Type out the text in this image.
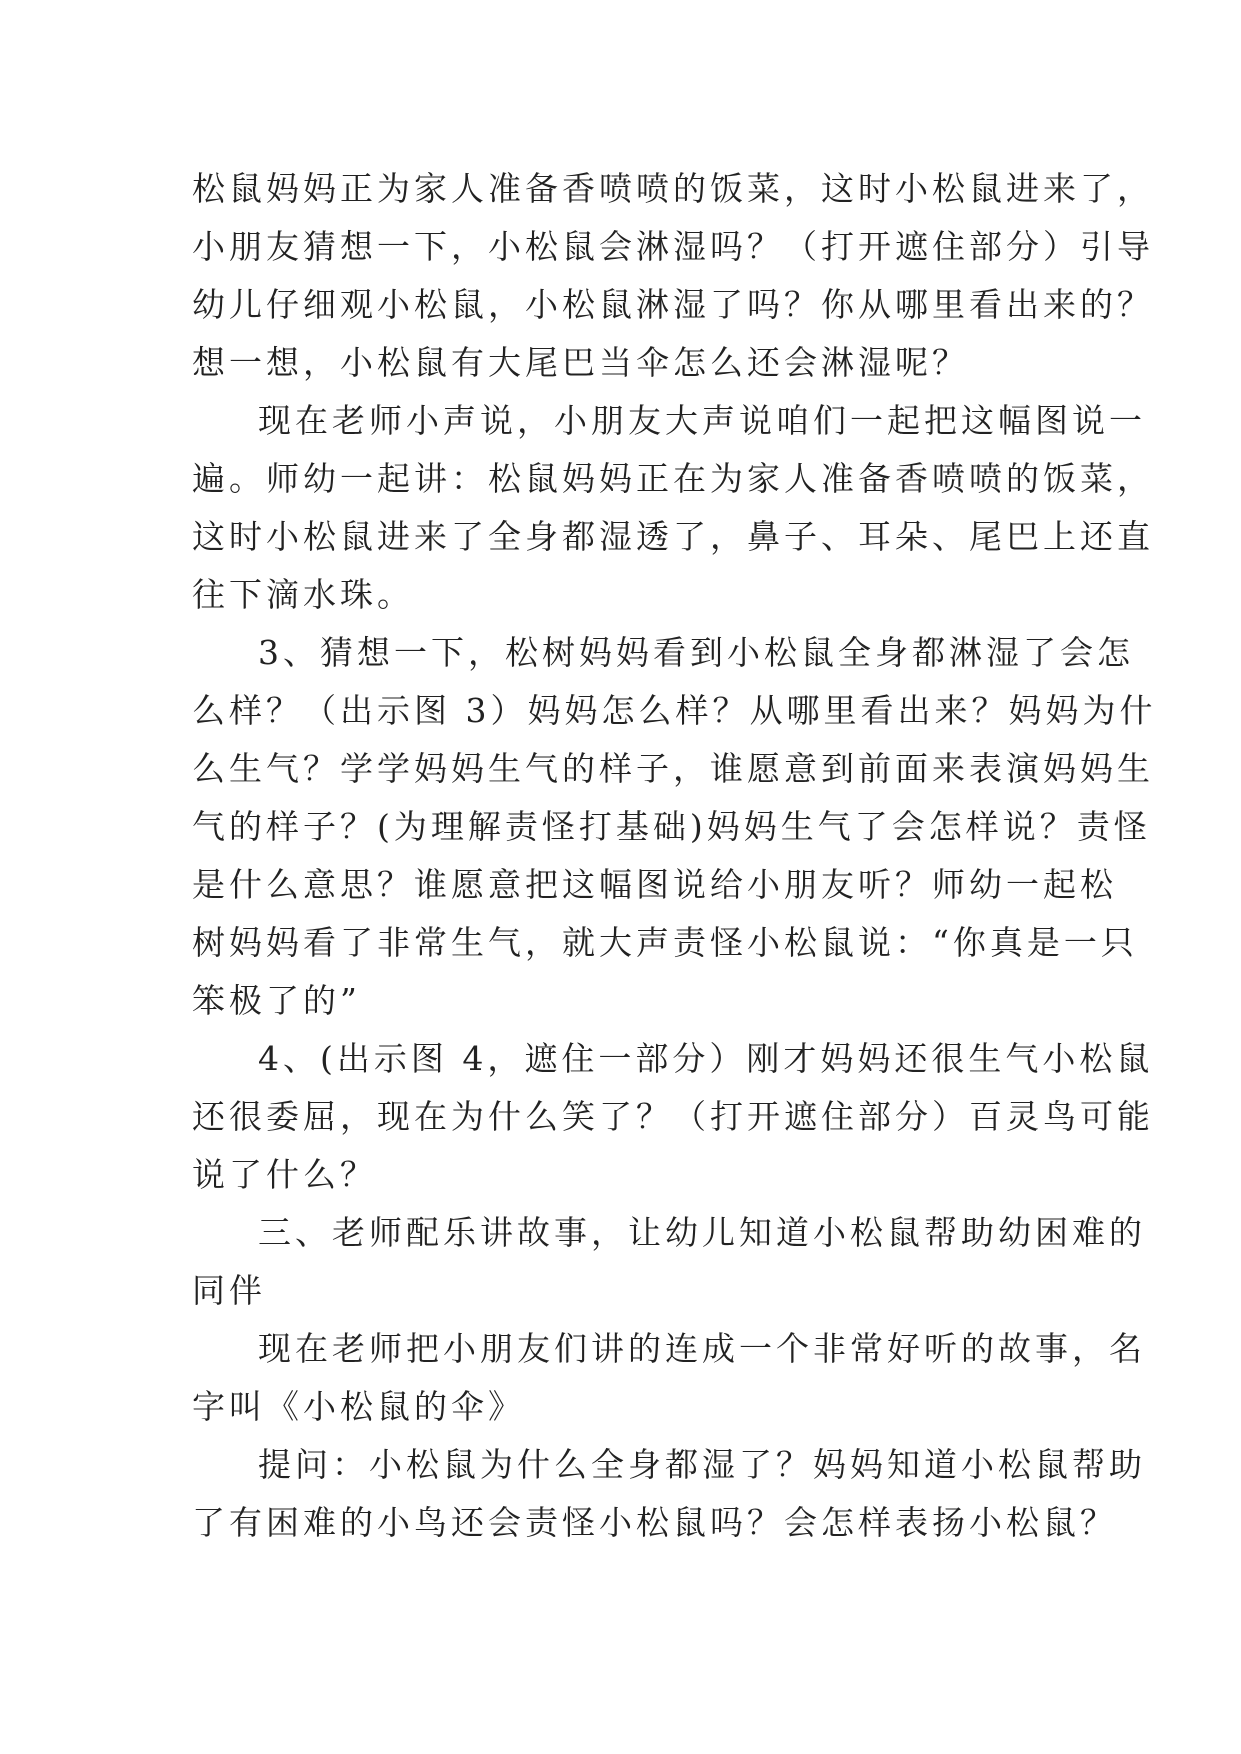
松鼠妈妈正为家人准备香喷喷的饭菜，这时小松鼠进来了，
小朋友猜想一下，小松鼠会淋湿吗？（打开遮住部分）引导
幼儿仔细观小松鼠，小松鼠淋湿了吗？你从哪里看出来的？
想一想，小松鼠有大尾巴当伞怎么还会淋湿呢？
现在老师小声说，小朋友大声说咱们一起把这幅图说一
遍。师幼一起讲：松鼠妈妈正在为家人准备香喷喷的饭菜，
这时小松鼠进来了全身都湿透了，鼻子、耳朵、尾巴上还直
往下滴水珠。
3、猜想一下，松树妈妈看到小松鼠全身都淋湿了会怎
么样？（出示图 3）妈妈怎么样？从哪里看出来？妈妈为什
么生气？学学妈妈生气的样子，谁愿意到前面来表演妈妈生
气的样子？(为理解责怪打基础)妈妈生气了会怎样说？责怪
是什么意思？谁愿意把这幅图说给小朋友听？师幼一起松
树妈妈看了非常生气，就大声责怪小松鼠说：“你真是一只
笨极了的”
4、(出示图 4，遮住一部分）刚才妈妈还很生气小松鼠
还很委屈，现在为什么笑了？（打开遮住部分）百灵鸟可能
说了什么？
三、老师配乐讲故事，让幼儿知道小松鼠帮助幼困难的
同伴
现在老师把小朋友们讲的连成一个非常好听的故事，名
字叫《小松鼠的伞》
提问：小松鼠为什么全身都湿了？妈妈知道小松鼠帮助
了有困难的小鸟还会责怪小松鼠吗？会怎样表扬小松鼠？
